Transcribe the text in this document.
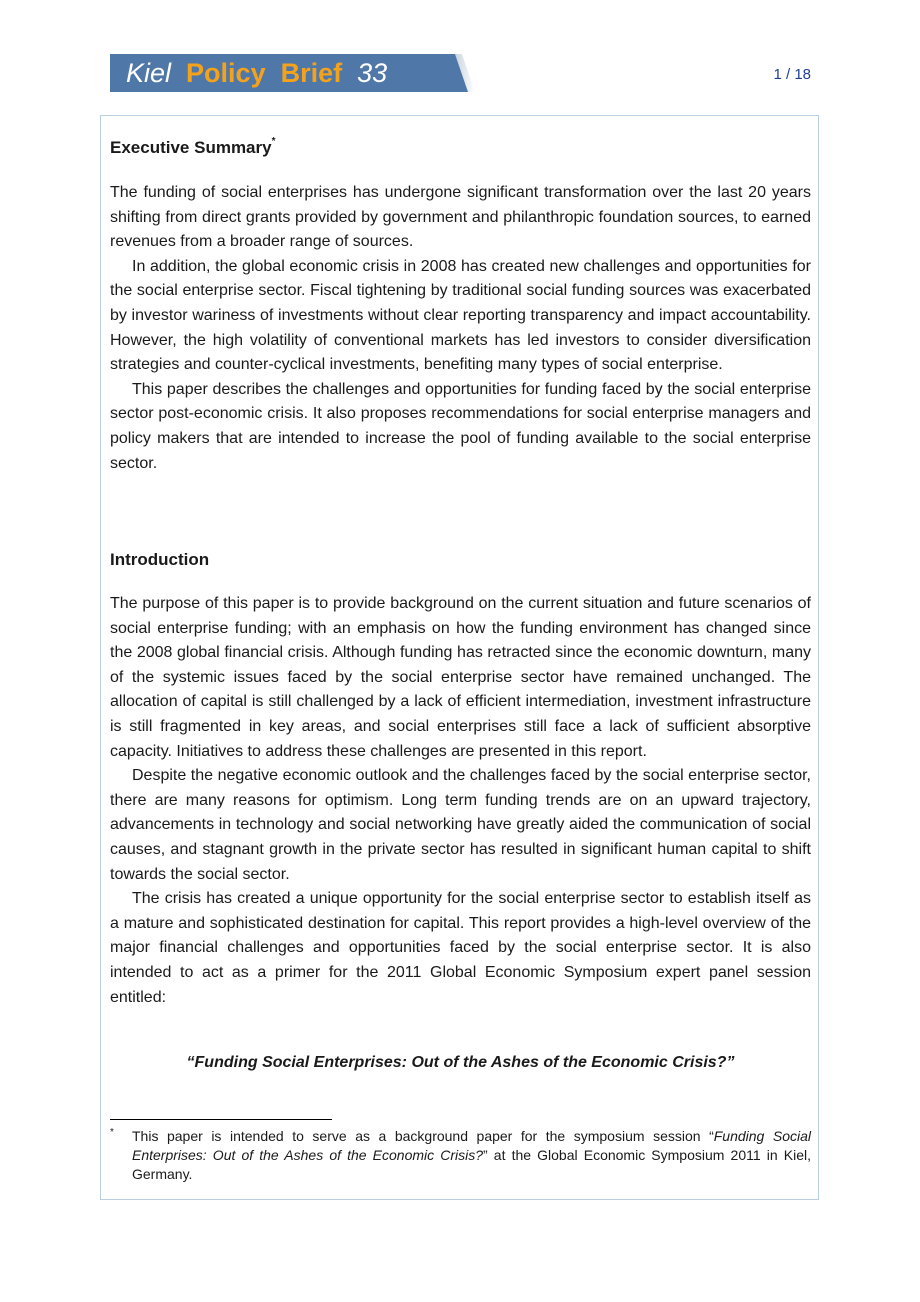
Kiel Policy Brief 33	1 / 18
Executive Summary*

The funding of social enterprises has undergone significant transformation over the last 20 years shifting from direct grants provided by government and philanthropic foundation sources, to earned revenues from a broader range of sources.

In addition, the global economic crisis in 2008 has created new challenges and opportunities for the social enterprise sector. Fiscal tightening by traditional social funding sources was exacerbated by investor wariness of investments without clear reporting transparency and impact accountability. However, the high volatility of conventional markets has led investors to consider diversification strategies and counter-cyclical investments, benefiting many types of social enterprise.

This paper describes the challenges and opportunities for funding faced by the social enterprise sector post-economic crisis. It also proposes recommendations for social enterprise managers and policy makers that are intended to increase the pool of funding available to the social enterprise sector.

Introduction

The purpose of this paper is to provide background on the current situation and future scenarios of social enterprise funding; with an emphasis on how the funding environment has changed since the 2008 global financial crisis. Although funding has retracted since the economic downturn, many of the systemic issues faced by the social enterprise sector have remained unchanged. The allocation of capital is still challenged by a lack of efficient intermediation, investment infrastructure is still fragmented in key areas, and social enterprises still face a lack of sufficient absorptive capacity. Initiatives to address these challenges are presented in this report.

Despite the negative economic outlook and the challenges faced by the social enterprise sector, there are many reasons for optimism. Long term funding trends are on an upward trajectory, advancements in technology and social networking have greatly aided the communication of social causes, and stagnant growth in the private sector has resulted in significant human capital to shift towards the social sector.

The crisis has created a unique opportunity for the social enterprise sector to establish itself as a mature and sophisticated destination for capital. This report provides a high-level overview of the major financial challenges and opportunities faced by the social enterprise sector. It is also intended to act as a primer for the 2011 Global Economic Symposium expert panel session entitled:

“Funding Social Enterprises: Out of the Ashes of the Economic Crisis?”
* This paper is intended to serve as a background paper for the symposium session “Funding Social Enterprises: Out of the Ashes of the Economic Crisis?” at the Global Economic Symposium 2011 in Kiel, Germany.
